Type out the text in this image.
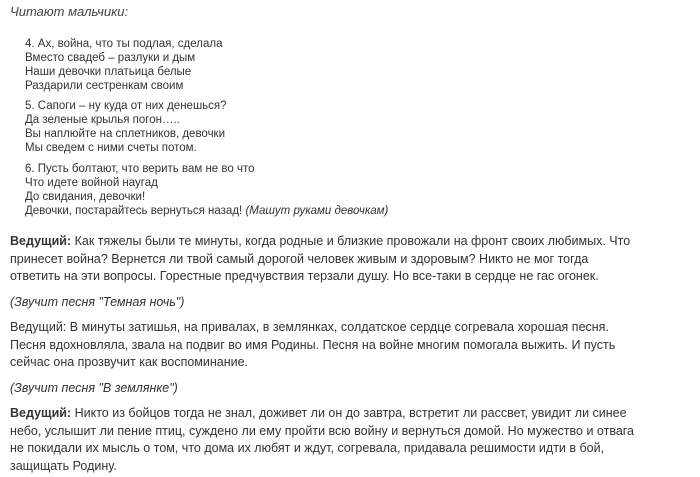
Читают мальчики:
4. Ах, война, что ты подлая, сделала
Вместо свадеб – разлуки и дым
Наши девочки платьица белые
Раздарили сестренкам своим
5. Сапоги – ну куда от них денешься?
Да зеленые крылья погон…..
Вы наплюйте на сплетников, девочки
Мы сведем с ними счеты потом.
6. Пусть болтают, что верить вам не во что
Что идете войной наугад
До свидания, девочки!
Девочки, постарайтесь вернуться назад! (Машут руками девочкам)
Ведущий: Как тяжелы были те минуты, когда родные и близкие провожали на фронт своих любимых. Что принесет война? Вернется ли твой самый дорогой человек живым и здоровым? Никто не мог тогда ответить на эти вопросы. Горестные предчувствия терзали душу. Но все-таки в сердце не гас огонек.
(Звучит песня "Темная ночь")
Ведущий: В минуты затишья, на привалах, в землянках, солдатское сердце согревала хорошая песня. Песня вдохновляла, звала на подвиг во имя Родины. Песня на войне многим помогала выжить. И пусть сейчас она прозвучит как воспоминание.
(Звучит песня "В землянке")
Ведущий: Никто из бойцов тогда не знал, доживет ли он до завтра, встретит ли рассвет, увидит ли синее небо, услышит ли пение птиц, суждено ли ему пройти всю войну и вернуться домой. Но мужество и отвага не покидали их мысль о том, что дома их любят и ждут, согревала, придавала решимости идти в бой, защищать Родину.
